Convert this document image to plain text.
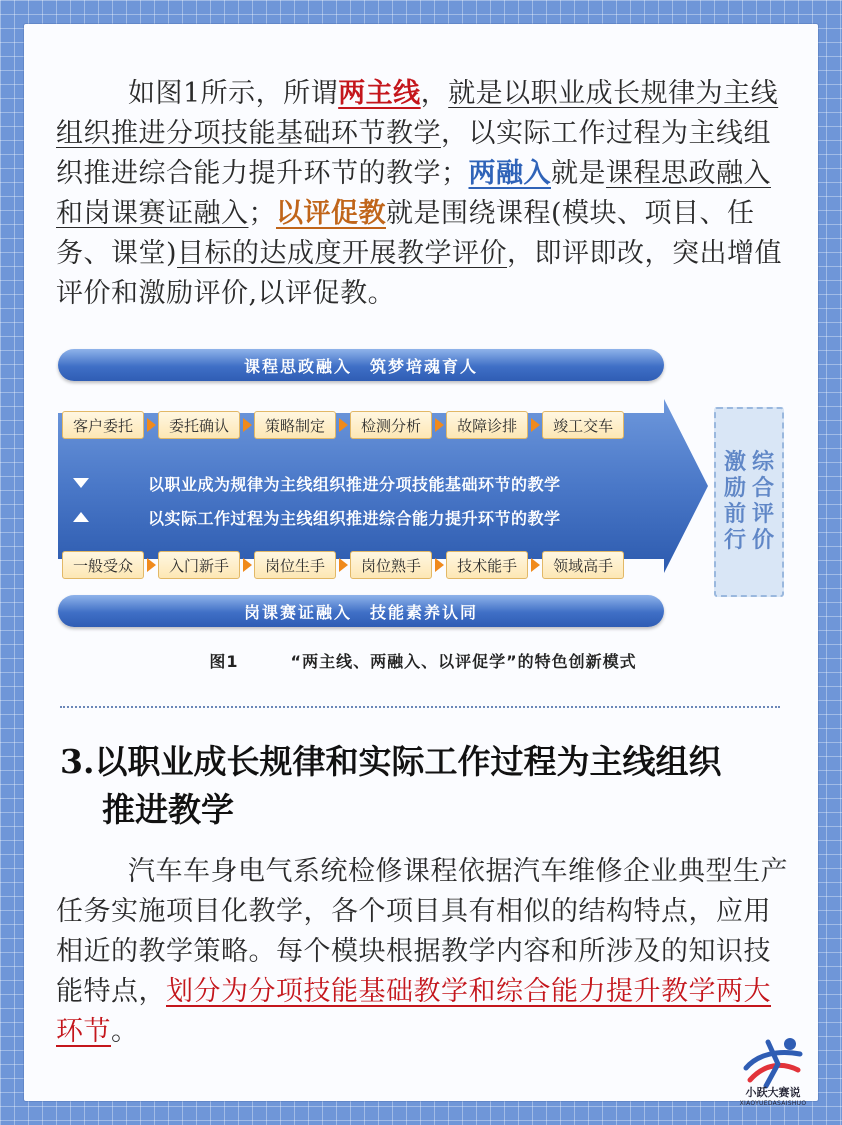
如图1所示，所谓两主线，就是以职业成长规律为主线组织推进分项技能基础环节教学，以实际工作过程为主线组织推进综合能力提升环节的教学；两融入就是课程思政融入和岗课赛证融入；以评促教就是围绕课程(模块、项目、任务、课堂)目标的达成度开展教学评价，即评即改，突出增值评价和激励评价,以评促教。
课程思政融入　筑梦培魂育人
客户委托	委托确认	策略制定	检测分析	故障诊排	竣工交车
以职业成为规律为主线组织推进分项技能基础环节的教学
以实际工作过程为主线组织推进综合能力提升环节的教学
一般受众	入门新手	岗位生手	岗位熟手	技术能手	领域高手
岗课赛证融入　技能素养认同
激
励
前
行
综
合
评
价
图1	“两主线、两融入、以评促学”的特色创新模式
3.以职业成长规律和实际工作过程为主线组织
推进教学
汽车车身电气系统检修课程依据汽车维修企业典型生产任务实施项目化教学，各个项目具有相似的结构特点，应用相近的教学策略。每个模块根据教学内容和所涉及的知识技能特点，划分为分项技能基础教学和综合能力提升教学两大环节。
小跃大赛说
XIAOYUEDASAISHUO
